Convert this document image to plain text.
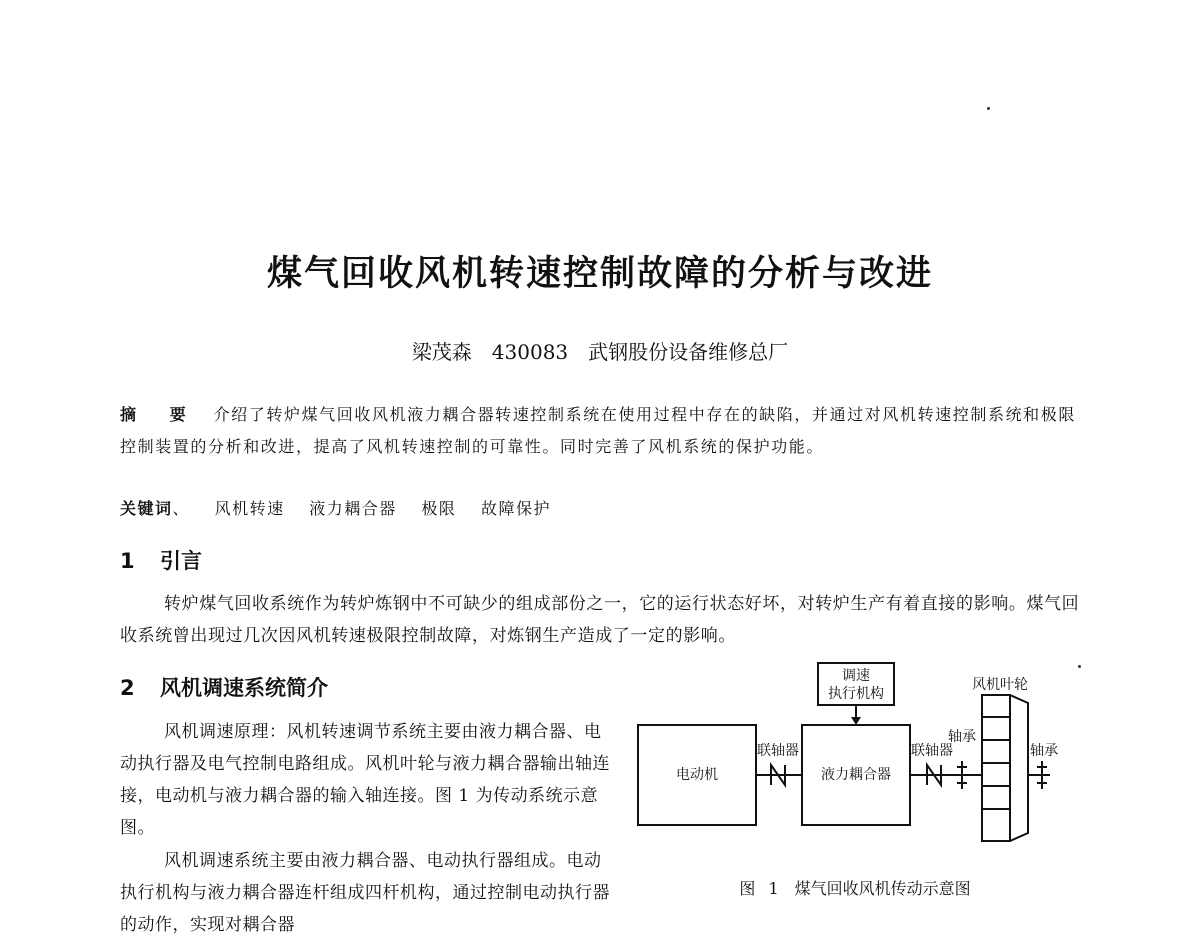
煤气回收风机转速控制故障的分析与改进
梁茂森　430083　武钢股份设备维修总厂
摘 要 介绍了转炉煤气回收风机液力耦合器转速控制系统在使用过程中存在的缺陷，并通过对风机转速控制系统和极限控制装置的分析和改进，提高了风机转速控制的可靠性。同时完善了风机系统的保护功能。
关键词、 风机转速 液力耦合器 极限 故障保护
1 引言
转炉煤气回收系统作为转炉炼钢中不可缺少的组成部份之一，它的运行状态好坏，对转炉生产有着直接的影响。煤气回收系统曾出现过几次因风机转速极限控制故障，对炼钢生产造成了一定的影响。
2 风机调速系统简介
风机调速原理：风机转速调节系统主要由液力耦合器、电动执行器及电气控制电路组成。风机叶轮与液力耦合器输出轴连接，电动机与液力耦合器的输入轴连接。图 1 为传动系统示意图。
风机调速系统主要由液力耦合器、电动执行器组成。电动执行机构与液力耦合器连杆组成四杆机构，通过控制电动执行器的动作，实现对耦合器
调速
执行机构
风机叶轮
电动机
联轴器
液力耦合器
联轴器
轴承
轴承
图 1　煤气回收风机传动示意图
